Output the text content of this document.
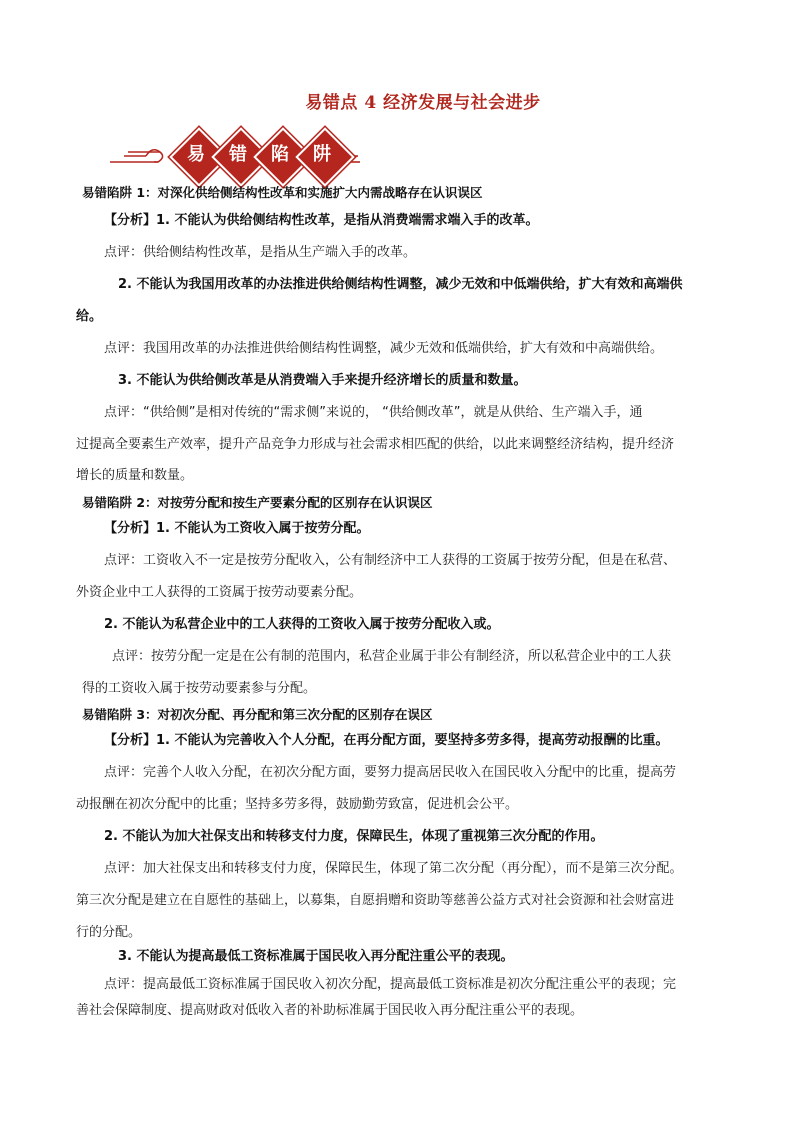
易错点 4 经济发展与社会进步
易	错	陷	阱
易错陷阱 1：对深化供给侧结构性改革和实施扩大内需战略存在认识误区
【分析】1. 不能认为供给侧结构性改革，是指从消费端需求端入手的改革。
点评：供给侧结构性改革，是指从生产端入手的改革。
2. 不能认为我国用改革的办法推进供给侧结构性调整，减少无效和中低端供给，扩大有效和高端供
给。
点评：我国用改革的办法推进供给侧结构性调整，减少无效和低端供给，扩大有效和中高端供给。
3. 不能认为供给侧改革是从消费端入手来提升经济增长的质量和数量。
点评：“供给侧”是相对传统的“需求侧”来说的， “供给侧改革”，就是从供给、生产端入手，通
过提高全要素生产效率，提升产品竞争力形成与社会需求相匹配的供给，以此来调整经济结构，提升经济
增长的质量和数量。
易错陷阱 2：对按劳分配和按生产要素分配的区别存在认识误区
【分析】1. 不能认为工资收入属于按劳分配。
点评：工资收入不一定是按劳分配收入，公有制经济中工人获得的工资属于按劳分配，但是在私营、
外资企业中工人获得的工资属于按劳动要素分配。
2. 不能认为私营企业中的工人获得的工资收入属于按劳分配收入或。
点评：按劳分配一定是在公有制的范围内，私营企业属于非公有制经济，所以私营企业中的工人获
得的工资收入属于按劳动要素参与分配。
易错陷阱 3：对初次分配、再分配和第三次分配的区别存在误区
【分析】1. 不能认为完善收入个人分配，在再分配方面，要坚持多劳多得，提高劳动报酬的比重。
点评：完善个人收入分配，在初次分配方面，要努力提高居民收入在国民收入分配中的比重，提高劳
动报酬在初次分配中的比重；坚持多劳多得，鼓励勤劳致富，促进机会公平。
2. 不能认为加大社保支出和转移支付力度，保障民生，体现了重视第三次分配的作用。
点评：加大社保支出和转移支付力度，保障民生，体现了第二次分配（再分配），而不是第三次分配。
第三次分配是建立在自愿性的基础上，以募集，自愿捐赠和资助等慈善公益方式对社会资源和社会财富进
行的分配。
3. 不能认为提高最低工资标准属于国民收入再分配注重公平的表现。
点评：提高最低工资标准属于国民收入初次分配，提高最低工资标准是初次分配注重公平的表现；完
善社会保障制度、提高财政对低收入者的补助标准属于国民收入再分配注重公平的表现。
